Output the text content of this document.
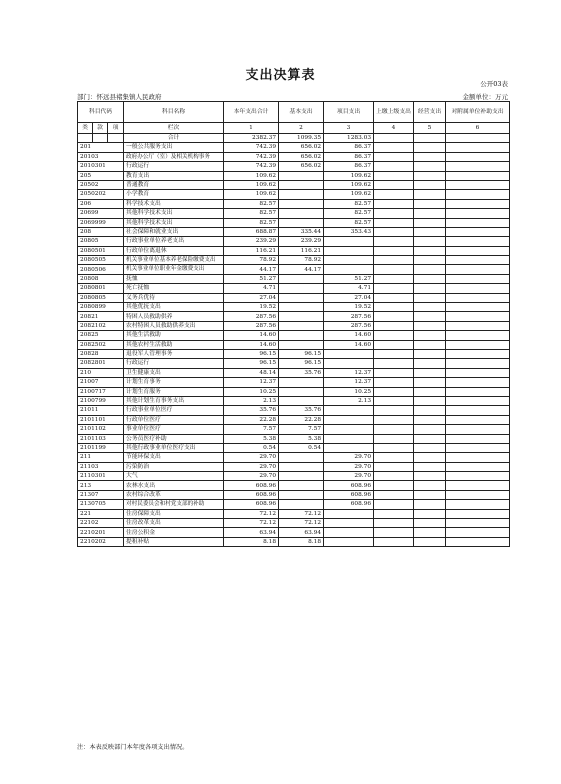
支出决算表
公开03表
部门：怀远县褚集镇人民政府	金额单位：万元
科目代码			科目名称	本年支出合计	基本支出	项目支出	上缴上级支出	经营支出	对附属单位补助支出
类	款	项							
			栏次	1	2	3	4	5	6
			合计	2382.37	1099.35	1283.03			
201			一般公共服务支出	742.39	656.02	86.37			
20103			政府办公厅（室）及相关机构事务	742.39	656.02	86.37			
2010301			行政运行	742.39	656.02	86.37			
205			教育支出	109.62		109.62			
20502			普通教育	109.62		109.62			
2050202			小学教育	109.62		109.62			
206			科学技术支出	82.57		82.57			
20699			其他科学技术支出	82.57		82.57			
2069999			其他科学技术支出	82.57		82.57			
208			社会保障和就业支出	688.87	335.44	353.43			
20805			行政事业单位养老支出	239.29	239.29				
2080501			行政单位离退休	116.21	116.21				
2080505			机关事业单位基本养老保险缴费支出	78.92	78.92				
2080506			机关事业单位职业年金缴费支出	44.17	44.17				
20808			抚恤	51.27		51.27			
2080801			死亡抚恤	4.71		4.71			
2080805			义务兵优待	27.04		27.04			
2080899			其他优抚支出	19.52		19.52			
20821			特困人员救助供养	287.56		287.56			
2082102			农村特困人员救助供养支出	287.56		287.56			
20825			其他生活救助	14.60		14.60			
2082502			其他农村生活救助	14.60		14.60			
20828			退役军人管理事务	96.15	96.15				
2082801			行政运行	96.15	96.15				
210			卫生健康支出	48.14	35.76	12.37			
21007			计划生育事务	12.37		12.37			
2100717			计划生育服务	10.25		10.25			
2100799			其他计划生育事务支出	2.13		2.13			
21011			行政事业单位医疗	35.76	35.76				
2101101			行政单位医疗	22.28	22.28				
2101102			事业单位医疗	7.57	7.57				
2101103			公务员医疗补助	5.38	5.38				
2101199			其他行政事业单位医疗支出	0.54	0.54				
211			节能环保支出	29.70		29.70			
21103			污染防治	29.70		29.70			
2110301			大气	29.70		29.70			
213			农林水支出	608.96		608.96			
21307			农村综合改革	608.96		608.96			
2130705			对村民委员会和村党支部的补助	608.96		608.96			
221			住房保障支出	72.12	72.12				
22102			住房改革支出	72.12	72.12				
2210201			住房公积金	63.94	63.94				
2210202			提租补贴	8.18	8.18				
注：本表反映部门本年度各项支出情况。
